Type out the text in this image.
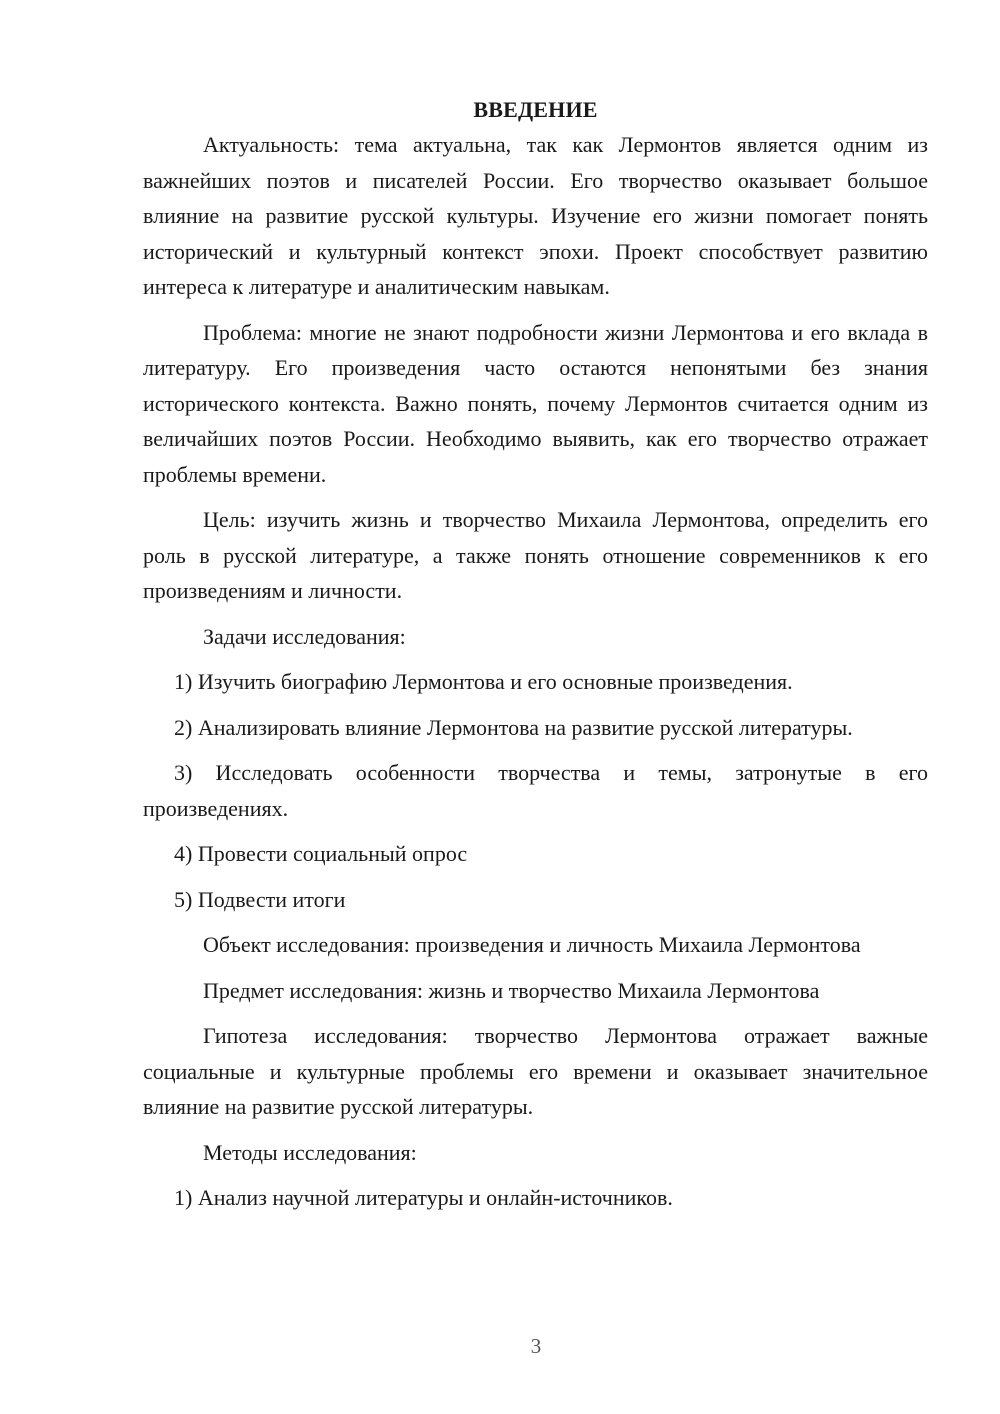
ВВЕДЕНИЕ

Актуальность: тема актуальна, так как Лермонтов является одним из важнейших поэтов и писателей России. Его творчество оказывает большое влияние на развитие русской культуры. Изучение его жизни помогает понять исторический и культурный контекст эпохи. Проект способствует развитию интереса к литературе и аналитическим навыкам.

Проблема: многие не знают подробности жизни Лермонтова и его вклада в литературу. Его произведения часто остаются непонятыми без знания исторического контекста. Важно понять, почему Лермонтов считается одним из величайших поэтов России. Необходимо выявить, как его творчество отражает проблемы времени.

Цель: изучить жизнь и творчество Михаила Лермонтова, определить его роль в русской литературе, а также понять отношение современников к его произведениям и личности.

Задачи исследования:

1) Изучить биографию Лермонтова и его основные произведения.

2) Анализировать влияние Лермонтова на развитие русской литературы.

3) Исследовать особенности творчества и темы, затронутые в его произведениях.

4) Провести социальный опрос

5) Подвести итоги

Объект исследования: произведения и личность Михаила Лермонтова

Предмет исследования: жизнь и творчество Михаила Лермонтова

Гипотеза исследования: творчество Лермонтова отражает важные социальные и культурные проблемы его времени и оказывает значительное влияние на развитие русской литературы.

Методы исследования:

1) Анализ научной литературы и онлайн-источников.

3
